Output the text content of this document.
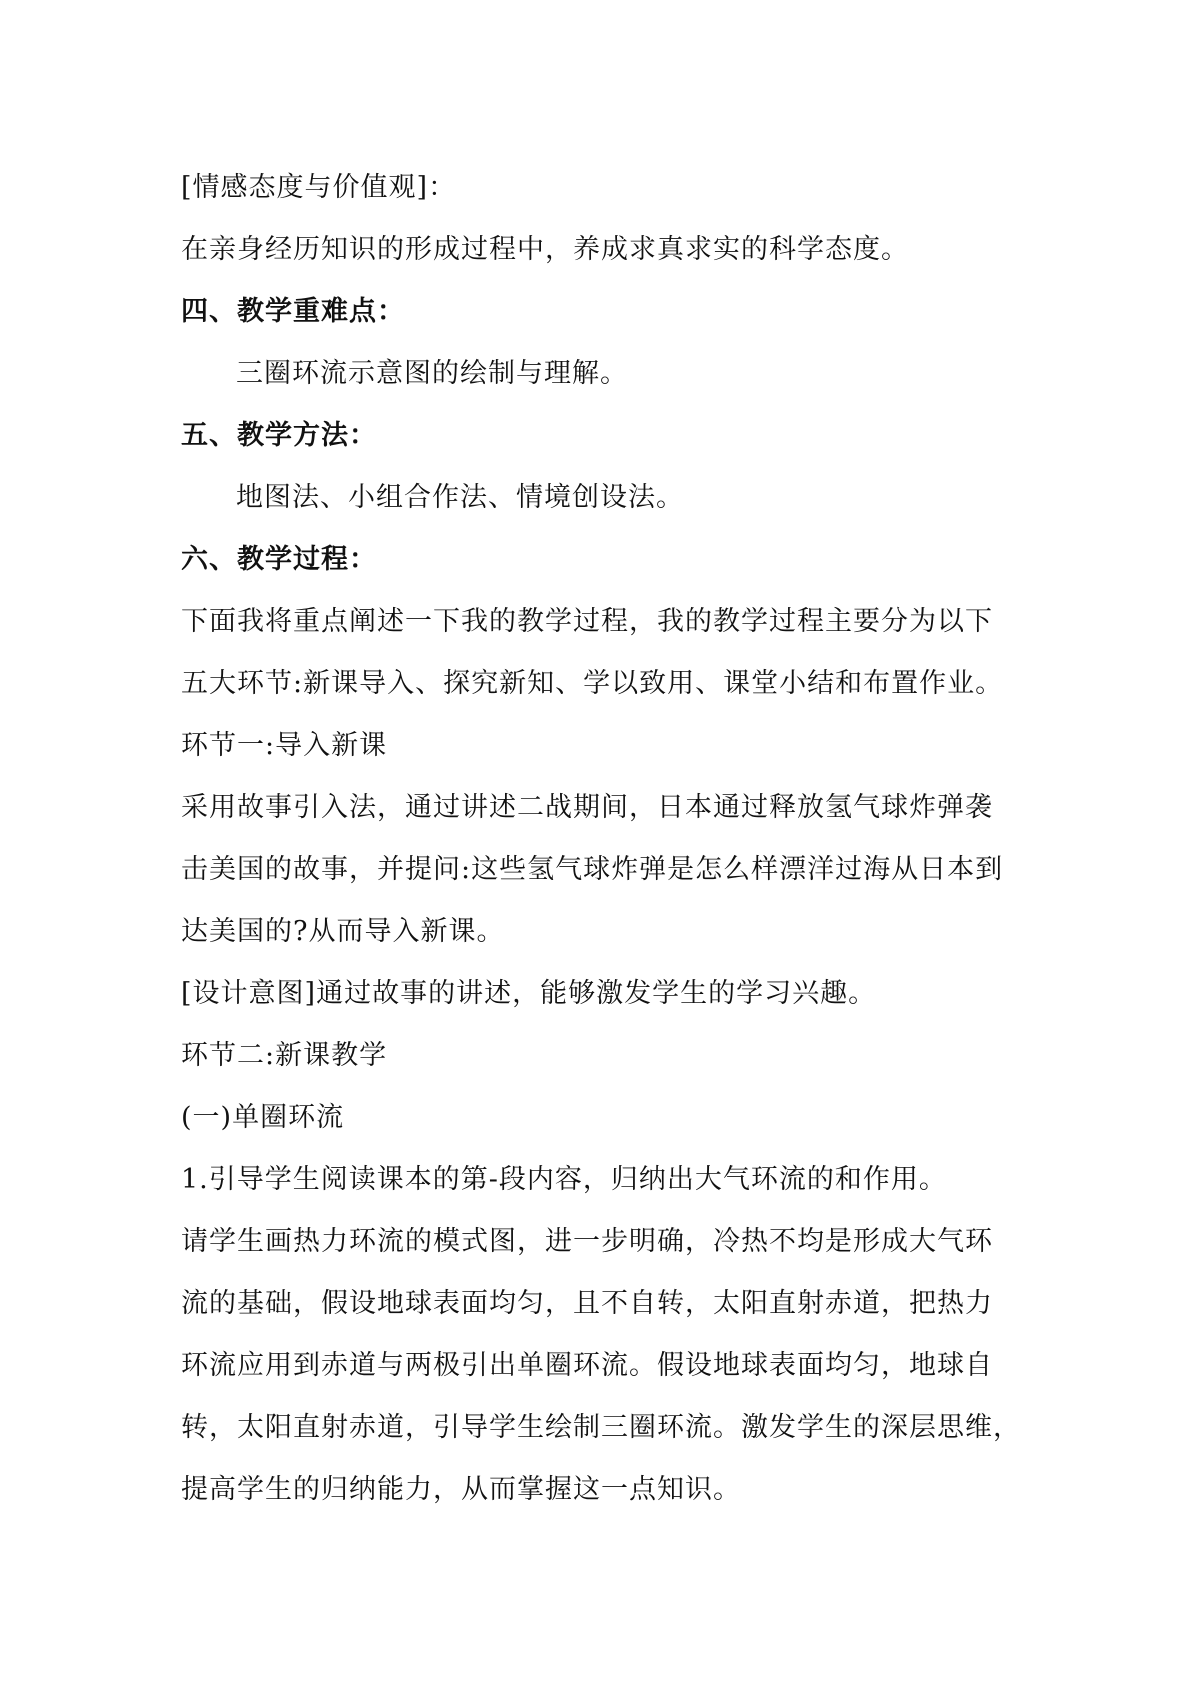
[情感态度与价值观]：
在亲身经历知识的形成过程中，养成求真求实的科学态度。
四、教学重难点：
三圈环流示意图的绘制与理解。
五、教学方法：
地图法、小组合作法、情境创设法。
六、教学过程：
下面我将重点阐述一下我的教学过程，我的教学过程主要分为以下
五大环节:新课导入、探究新知、学以致用、课堂小结和布置作业。
环节一:导入新课
采用故事引入法，通过讲述二战期间，日本通过释放氢气球炸弹袭
击美国的故事，并提问:这些氢气球炸弹是怎么样漂洋过海从日本到
达美国的?从而导入新课。
[设计意图]通过故事的讲述，能够激发学生的学习兴趣。
环节二:新课教学
(一)单圈环流
1.引导学生阅读课本的第-段内容，归纳出大气环流的和作用。
请学生画热力环流的模式图，进一步明确，冷热不均是形成大气环
流的基础，假设地球表面均匀，且不自转，太阳直射赤道，把热力
环流应用到赤道与两极引出单圈环流。假设地球表面均匀，地球自
转，太阳直射赤道，引导学生绘制三圈环流。激发学生的深层思维，
提高学生的归纳能力，从而掌握这一点知识。
